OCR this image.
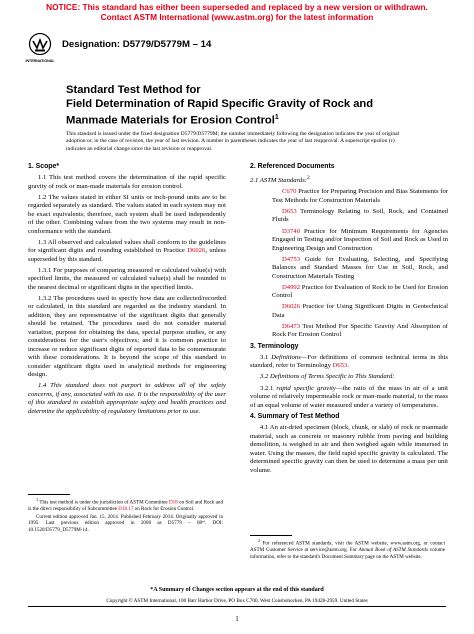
NOTICE: This standard has either been superseded and replaced by a new version or withdrawn.
Contact ASTM International (www.astm.org) for the latest information
INTERNATIONAL
Designation: D5779/D5779M – 14
Standard Test Method for
Field Determination of Rapid Specific Gravity of Rock and
Manmade Materials for Erosion Control$^1$

This standard is issued under the fixed designation D5779/D5779M; the number immediately following the designation indicates the year of original adoption or, in the case of revision, the year of last revision. A number in parentheses indicates the year of last reapproval. A superscript epsilon (ε) indicates an editorial change since the last revision or reapproval.

1. Scope*

1.1 This test method covers the determination of the rapid specific gravity of rock or man-made materials for erosion control.

1.2 The values stated in either SI units or inch-pound units are to be regarded separately as standard. The values stated in each system may not be exact equivalents; therefore, each system shall be used independently of the other. Combining values from the two systems may result in non-conformance with the standard.

1.3 All observed and calculated values shall conform to the guidelines for significant digits and rounding established in Practice D6026, unless superseded by this standard.

1.3.1 For purposes of comparing measured or calculated value(s) with specified limits, the measured or calculated value(s) shall be rounded to the nearest decimal or significant digits in the specified limits.

1.3.2 The procedures used to specify how data are collected/recorded or calculated, in this standard are regarded as the industry standard. In addition, they are representative of the significant digits that generally should be retained. The procedures used do not consider material variation, purpose for obtaining the data, special purpose studies, or any considerations for the user's objectives; and it is common practice to increase or reduce significant digits of reported data to be commensurate with these considerations. It is beyond the scope of this standard to consider significant digits used in analytical methods for engineering design.

1.4 This standard does not purport to address all of the safety concerns, if any, associated with its use. It is the responsibility of the user of this standard to establish appropriate safety and health practices and determine the applicability of regulatory limitations prior to use.

$^1$ This test method is under the jurisdiction of ASTM Committee D18 on Soil and Rock and is the direct responsibility of Subcommittee D18.17 on Rock for Erosion Control.

Current edition approved Jan. 15, 2014. Published February 2014. Originally approved in 1995. Last previous edition approved in 2008 as D5779 – 08ᵉ¹. DOI: 10.1520/D5779_D5779M-14.

2. Referenced Documents

2.1 ASTM Standards:$^2$

C670 Practice for Preparing Precision and Bias Statements for Test Methods for Construction Materials

D653 Terminology Relating to Soil, Rock, and Contained Fluids

D3740 Practice for Minimum Requirements for Agencies Engaged in Testing and/or Inspection of Soil and Rock as Used in Engineering Design and Construction

D4753 Guide for Evaluating, Selecting, and Specifying Balances and Standard Masses for Use in Soil, Rock, and Construction Materials Testing

D4992 Practice for Evaluation of Rock to be Used for Erosion Control

D6026 Practice for Using Significant Digits in Geotechnical Data

D6473 Test Method For Specific Gravity And Absorption of Rock For Erosion Control

3. Terminology

3.1 Definitions—For definitions of common technical terms in this standard, refer to Terminology D653.

3.2 Definitions of Terms Specific to This Standard:

3.2.1 rapid specific gravity—the ratio of the mass in air of a unit volume of relatively impermeable rock or man-made material, to the mass of an equal volume of water measured under a variety of temperatures.

4. Summary of Test Method

4.1 An air-dried specimen (block, chunk, or slab) of rock or manmade material, such as concrete or masonry rubble from paving and building demolition, is weighed in air and then weighed again while immersed in water. Using the masses, the field rapid specific gravity is calculated. The determined specific gravity can then be used to determine a mass per unit volume.

$^2$ For referenced ASTM standards, visit the ASTM website, www.astm.org, or contact ASTM Customer Service at service@astm.org. For Annual Book of ASTM Standards volume information, refer to the standard's Document Summary page on the ASTM website.

*A Summary of Changes section appears at the end of this standard
Copyright © ASTM International, 100 Barr Harbor Drive, PO Box C700, West Conshohocken, PA 19428-2959. United States
1
